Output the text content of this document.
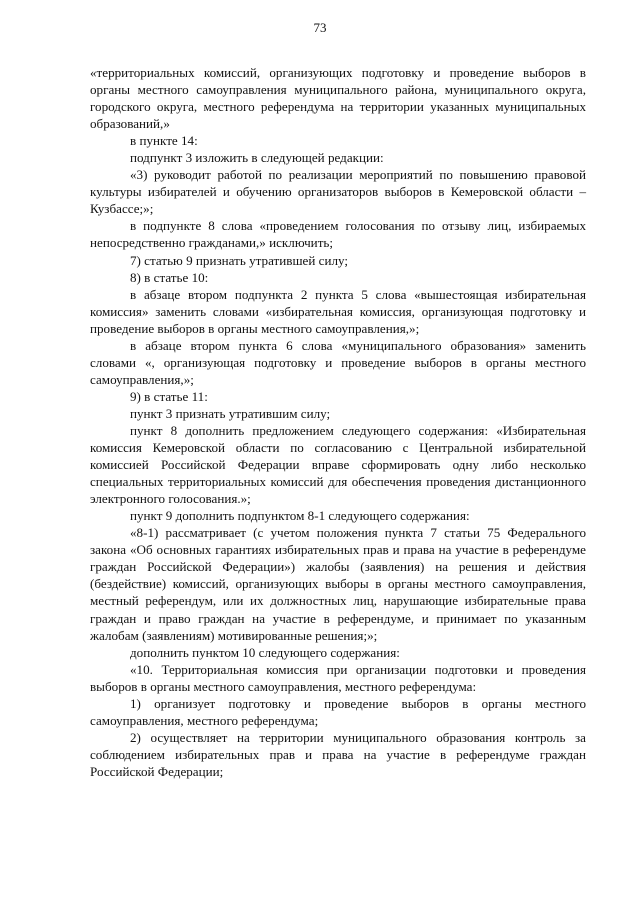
73

«территориальных комиссий, организующих подготовку и проведение выборов в органы местного самоуправления муниципального района, муниципального округа, городского округа, местного референдума на территории указанных муниципальных образований,»

в пункте 14:

подпункт 3 изложить в следующей редакции:

«3) руководит работой по реализации мероприятий по повышению правовой культуры избирателей и обучению организаторов выборов в Кемеровской области – Кузбассе;»;

в подпункте 8 слова «проведением голосования по отзыву лиц, избираемых непосредственно гражданами,» исключить;

7) статью 9 признать утратившей силу;

8) в статье 10:

в абзаце втором подпункта 2 пункта 5 слова «вышестоящая избирательная комиссия» заменить словами «избирательная комиссия, организующая подготовку и проведение выборов в органы местного самоуправления,»;

в абзаце втором пункта 6 слова «муниципального образования» заменить словами «, организующая подготовку и проведение выборов в органы местного самоуправления,»;

9) в статье 11:

пункт 3 признать утратившим силу;

пункт 8 дополнить предложением следующего содержания: «Избирательная комиссия Кемеровской области по согласованию с Центральной избирательной комиссией Российской Федерации вправе сформировать одну либо несколько специальных территориальных комиссий для обеспечения проведения дистанционного электронного голосования.»;

пункт 9 дополнить подпунктом 8-1 следующего содержания:

«8-1) рассматривает (с учетом положения пункта 7 статьи 75 Федерального закона «Об основных гарантиях избирательных прав и права на участие в референдуме граждан Российской Федерации») жалобы (заявления) на решения и действия (бездействие) комиссий, организующих выборы в органы местного самоуправления, местный референдум, или их должностных лиц, нарушающие избирательные права граждан и право граждан на участие в референдуме, и принимает по указанным жалобам (заявлениям) мотивированные решения;»;

дополнить пунктом 10 следующего содержания:

«10. Территориальная комиссия при организации подготовки и проведения выборов в органы местного самоуправления, местного референдума:

1) организует подготовку и проведение выборов в органы местного самоуправления, местного референдума;

2) осуществляет на территории муниципального образования контроль за соблюдением избирательных прав и права на участие в референдуме граждан Российской Федерации;
